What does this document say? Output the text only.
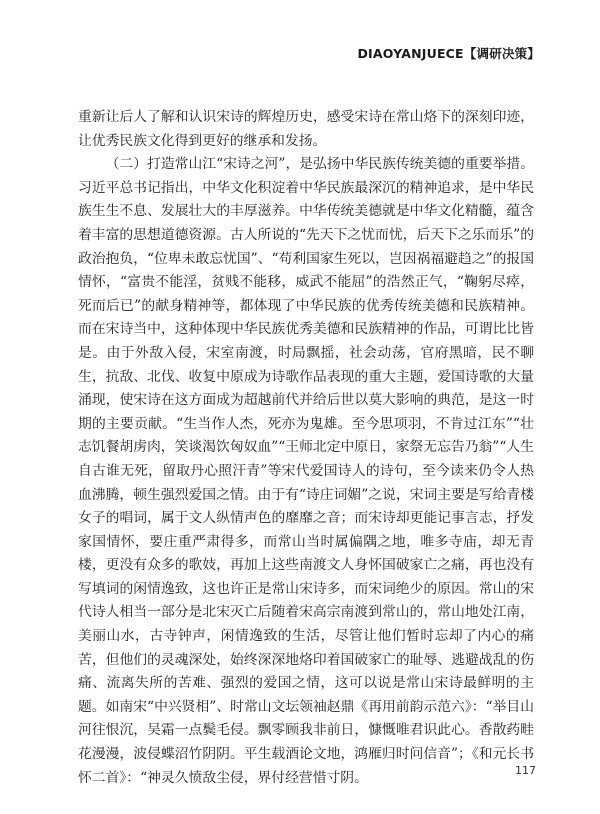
DIAOYANJUECE【调研决策】

重新让后人了解和认识宋诗的辉煌历史，感受宋诗在常山烙下的深刻印迹，让优秀民族文化得到更好的继承和发扬。

（二）打造常山江“宋诗之河”，是弘扬中华民族传统美德的重要举措。习近平总书记指出，中华文化积淀着中华民族最深沉的精神追求，是中华民族生生不息、发展壮大的丰厚滋养。中华传统美德就是中华文化精髓，蕴含着丰富的思想道德资源。古人所说的“先天下之忧而忧，后天下之乐而乐”的政治抱负，“位卑未敢忘忧国”、“苟利国家生死以，岂因祸福避趋之”的报国情怀，“富贵不能淫，贫贱不能移，威武不能屈”的浩然正气，“鞠躬尽瘁，死而后已”的献身精神等，都体现了中华民族的优秀传统美德和民族精神。而在宋诗当中，这种体现中华民族优秀美德和民族精神的作品，可谓比比皆是。由于外敌入侵，宋室南渡，时局飘摇，社会动荡，官府黑暗，民不聊生，抗敌、北伐、收复中原成为诗歌作品表现的重大主题，爱国诗歌的大量涌现，使宋诗在这方面成为超越前代并给后世以莫大影响的典范，是这一时期的主要贡献。“生当作人杰，死亦为鬼雄。至今思项羽，不肯过江东”“壮志饥餐胡虏肉，笑谈渴饮匈奴血”“王师北定中原日，家祭无忘告乃翁”“人生自古谁无死，留取丹心照汗青”等宋代爱国诗人的诗句，至今读来仍令人热血沸腾，顿生强烈爱国之情。由于有“诗庄词媚”之说，宋词主要是写给青楼女子的唱词，属于文人纵情声色的靡靡之音；而宋诗却更能记事言志，抒发家国情怀，要庄重严肃得多，而常山当时属偏隅之地，唯多寺庙，却无青楼，更没有众多的歌妓，再加上这些南渡文人身怀国破家亡之痛，再也没有写填词的闲情逸致，这也许正是常山宋诗多，而宋词绝少的原因。常山的宋代诗人相当一部分是北宋灭亡后随着宋高宗南渡到常山的，常山地处江南，美丽山水，古寺钟声，闲情逸致的生活，尽管让他们暂时忘却了内心的痛苦，但他们的灵魂深处，始终深深地烙印着国破家亡的耻辱、逃避战乱的伤痛、流离失所的苦难、强烈的爱国之情，这可以说是常山宋诗最鲜明的主题。如南宋“中兴贤相”、时常山文坛领袖赵鼎《再用前韵示范六》：“举目山河往恨沉，吴霜一点鬓毛侵。飘零顾我非前日，慷慨唯君识此心。香散药畦花漫漫，波侵蝶沼竹阴阴。平生载酒论文地，鸿雁归时问信音”；《和元长书怀二首》：“神灵久愤敌尘侵，界付经营惜寸阴。	117
